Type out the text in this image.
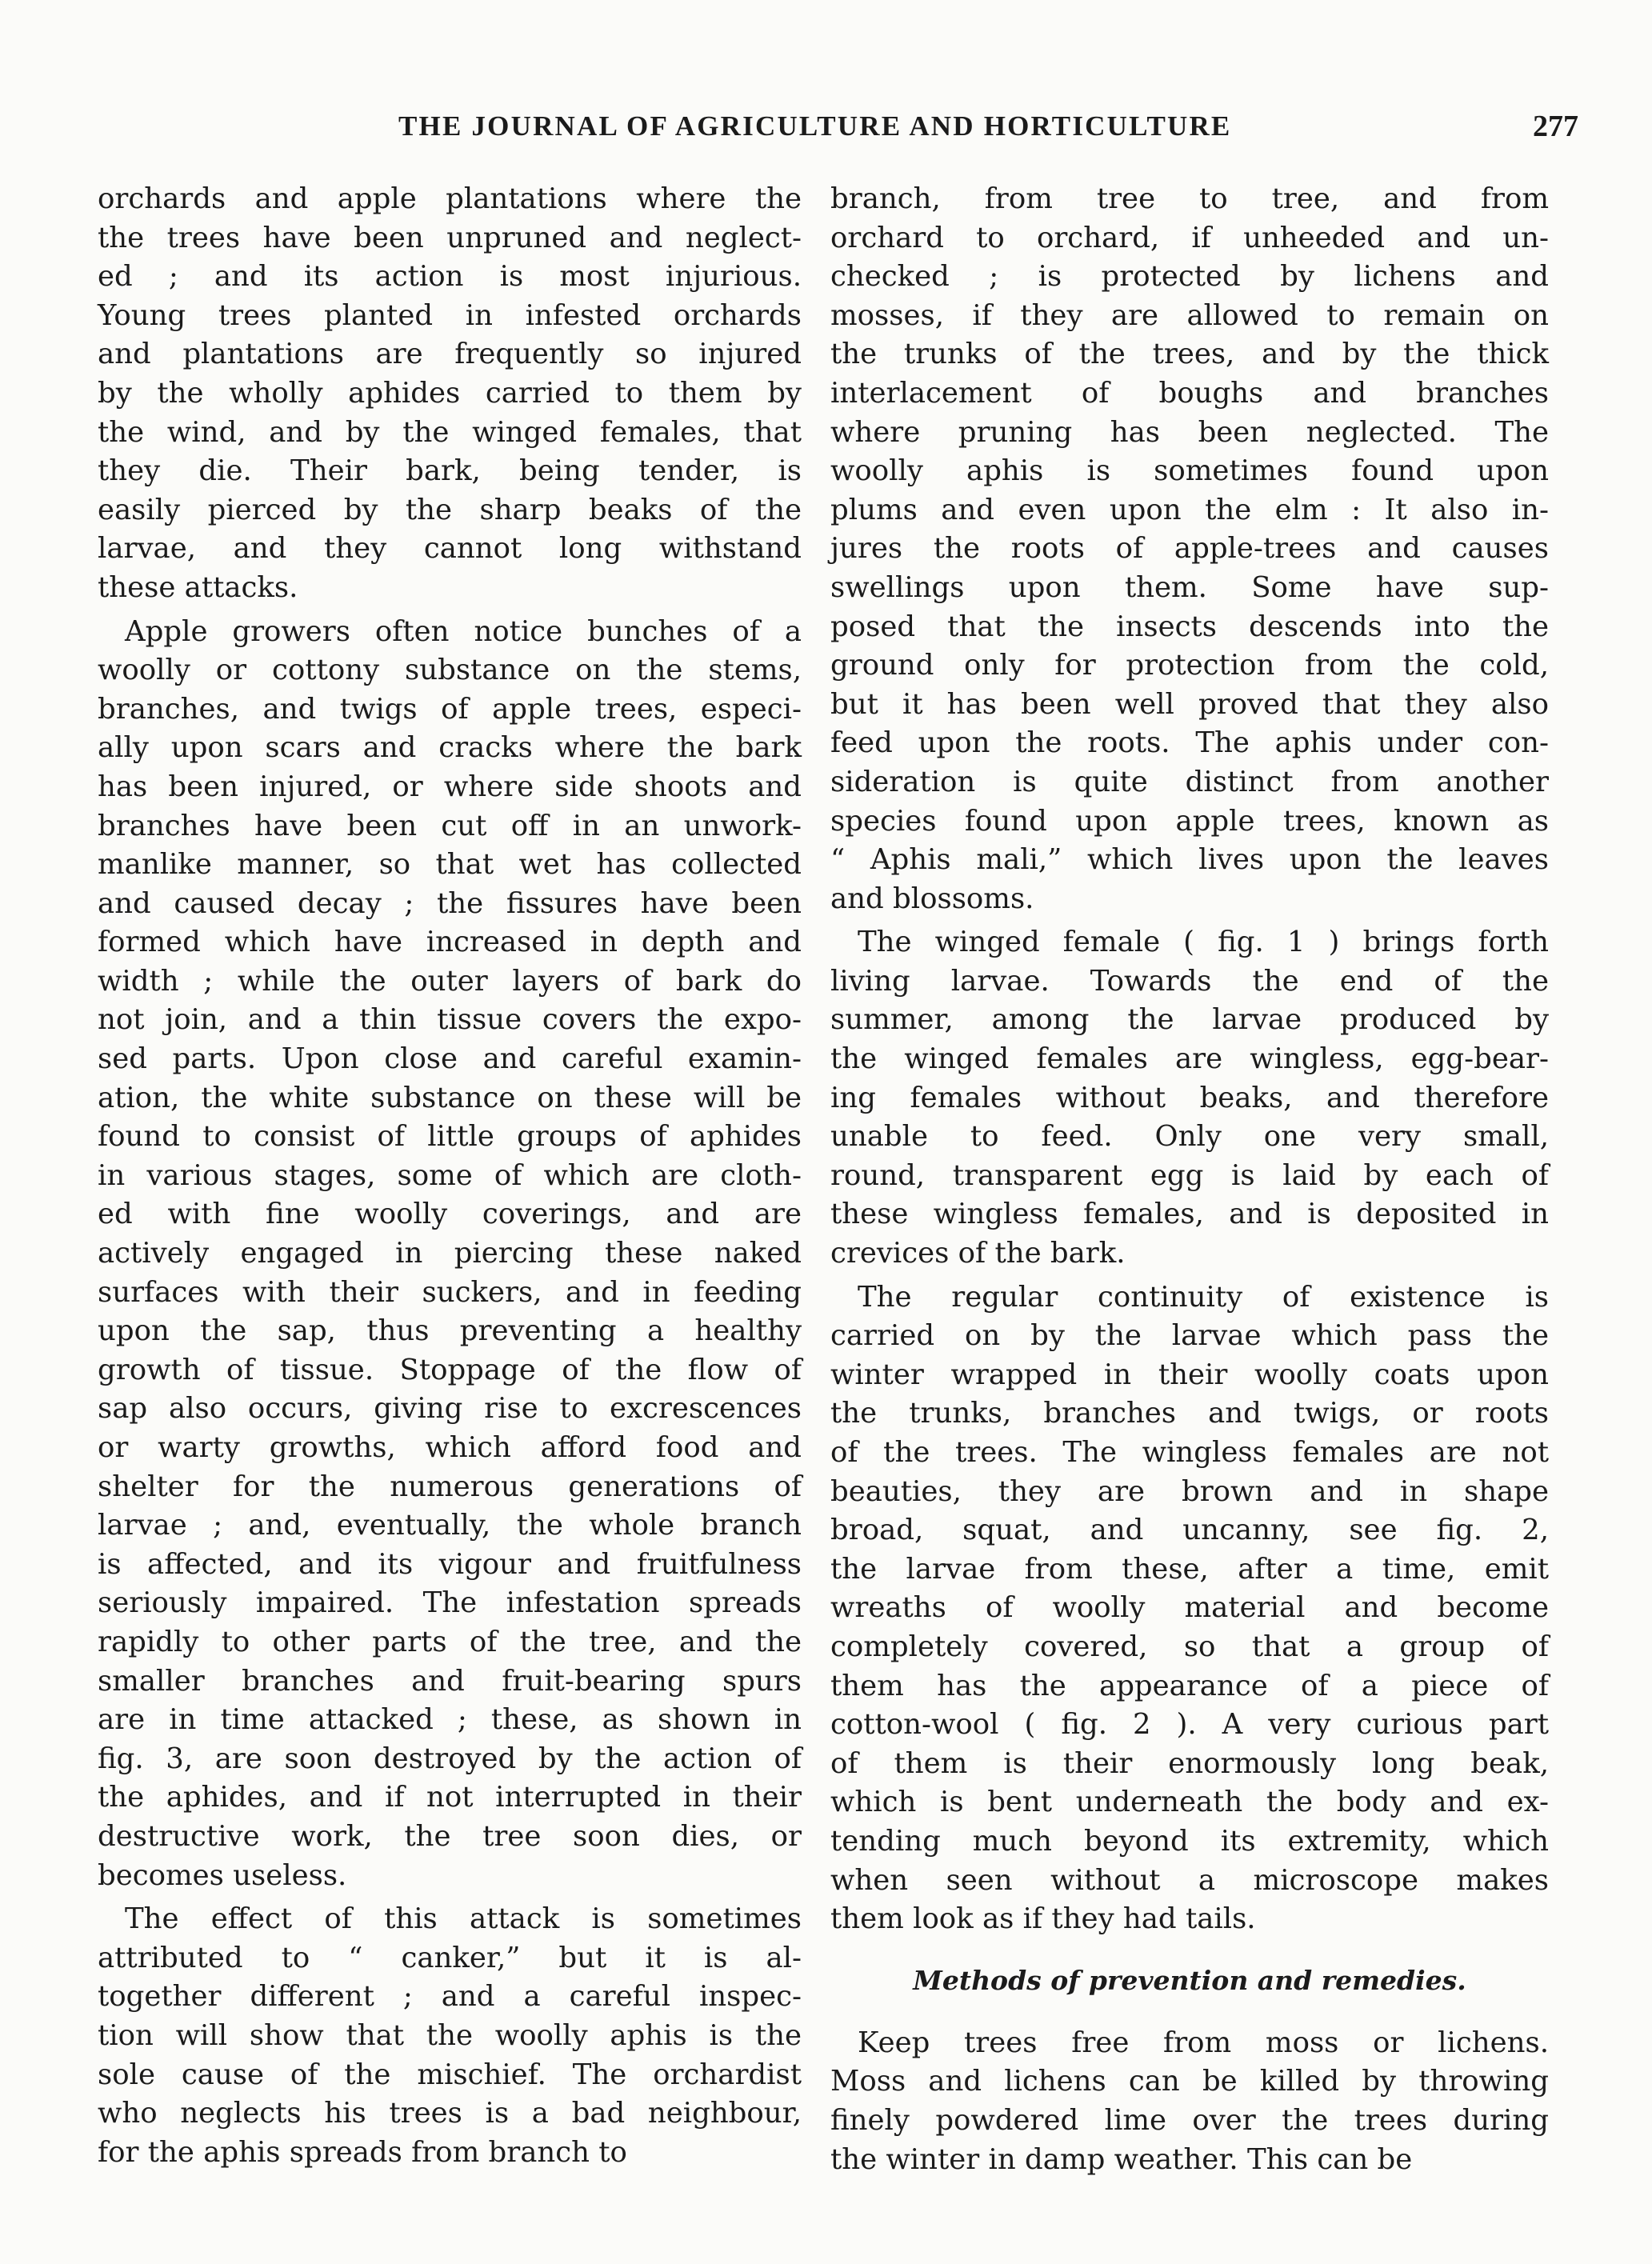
THE JOURNAL OF AGRICULTURE AND HORTICULTURE	277
orchards and apple plantations where the
the trees have been unpruned and neglect-
ed ; and its action is most injurious.
Young trees planted in infested orchards
and plantations are frequently so injured
by the wholly aphides carried to them by
the wind, and by the winged females, that
they die. Their bark, being tender, is
easily pierced by the sharp beaks of the
larvae, and they cannot long withstand
these attacks.
Apple growers often notice bunches of a
woolly or cottony substance on the stems,
branches, and twigs of apple trees, especi-
ally upon scars and cracks where the bark
has been injured, or where side shoots and
branches have been cut off in an unwork-
manlike manner, so that wet has collected
and caused decay ; the fissures have been
formed which have increased in depth and
width ; while the outer layers of bark do
not join, and a thin tissue covers the expo-
sed parts. Upon close and careful examin-
ation, the white substance on these will be
found to consist of little groups of aphides
in various stages, some of which are cloth-
ed with fine woolly coverings, and are
actively engaged in piercing these naked
surfaces with their suckers, and in feeding
upon the sap, thus preventing a healthy
growth of tissue. Stoppage of the flow of
sap also occurs, giving rise to excrescences
or warty growths, which afford food and
shelter for the numerous generations of
larvae ; and, eventually, the whole branch
is affected, and its vigour and fruitfulness
seriously impaired. The infestation spreads
rapidly to other parts of the tree, and the
smaller branches and fruit-bearing spurs
are in time attacked ; these, as shown in
fig. 3, are soon destroyed by the action of
the aphides, and if not interrupted in their
destructive work, the tree soon dies, or
becomes useless.
The effect of this attack is sometimes
attributed to “ canker,” but it is al-
together different ; and a careful inspec-
tion will show that the woolly aphis is the
sole cause of the mischief. The orchardist
who neglects his trees is a bad neighbour,
for the aphis spreads from branch to
branch, from tree to tree, and from
orchard to orchard, if unheeded and un-
checked ; is protected by lichens and
mosses, if they are allowed to remain on
the trunks of the trees, and by the thick
interlacement of boughs and branches
where pruning has been neglected. The
woolly aphis is sometimes found upon
plums and even upon the elm : It also in-
jures the roots of apple-trees and causes
swellings upon them. Some have sup-
posed that the insects descends into the
ground only for protection from the cold,
but it has been well proved that they also
feed upon the roots. The aphis under con-
sideration is quite distinct from another
species found upon apple trees, known as
“ Aphis mali,” which lives upon the leaves
and blossoms.
The winged female ( fig. 1 ) brings forth
living larvae. Towards the end of the
summer, among the larvae produced by
the winged females are wingless, egg-bear-
ing females without beaks, and therefore
unable to feed. Only one very small,
round, transparent egg is laid by each of
these wingless females, and is deposited in
crevices of the bark.
The regular continuity of existence is
carried on by the larvae which pass the
winter wrapped in their woolly coats upon
the trunks, branches and twigs, or roots
of the trees. The wingless females are not
beauties, they are brown and in shape
broad, squat, and uncanny, see fig. 2,
the larvae from these, after a time, emit
wreaths of woolly material and become
completely covered, so that a group of
them has the appearance of a piece of
cotton-wool ( fig. 2 ). A very curious part
of them is their enormously long beak,
which is bent underneath the body and ex-
tending much beyond its extremity, which
when seen without a microscope makes
them look as if they had tails.
Methods of prevention and remedies.
Keep trees free from moss or lichens.
Moss and lichens can be killed by throwing
finely powdered lime over the trees during
the winter in damp weather. This can be
